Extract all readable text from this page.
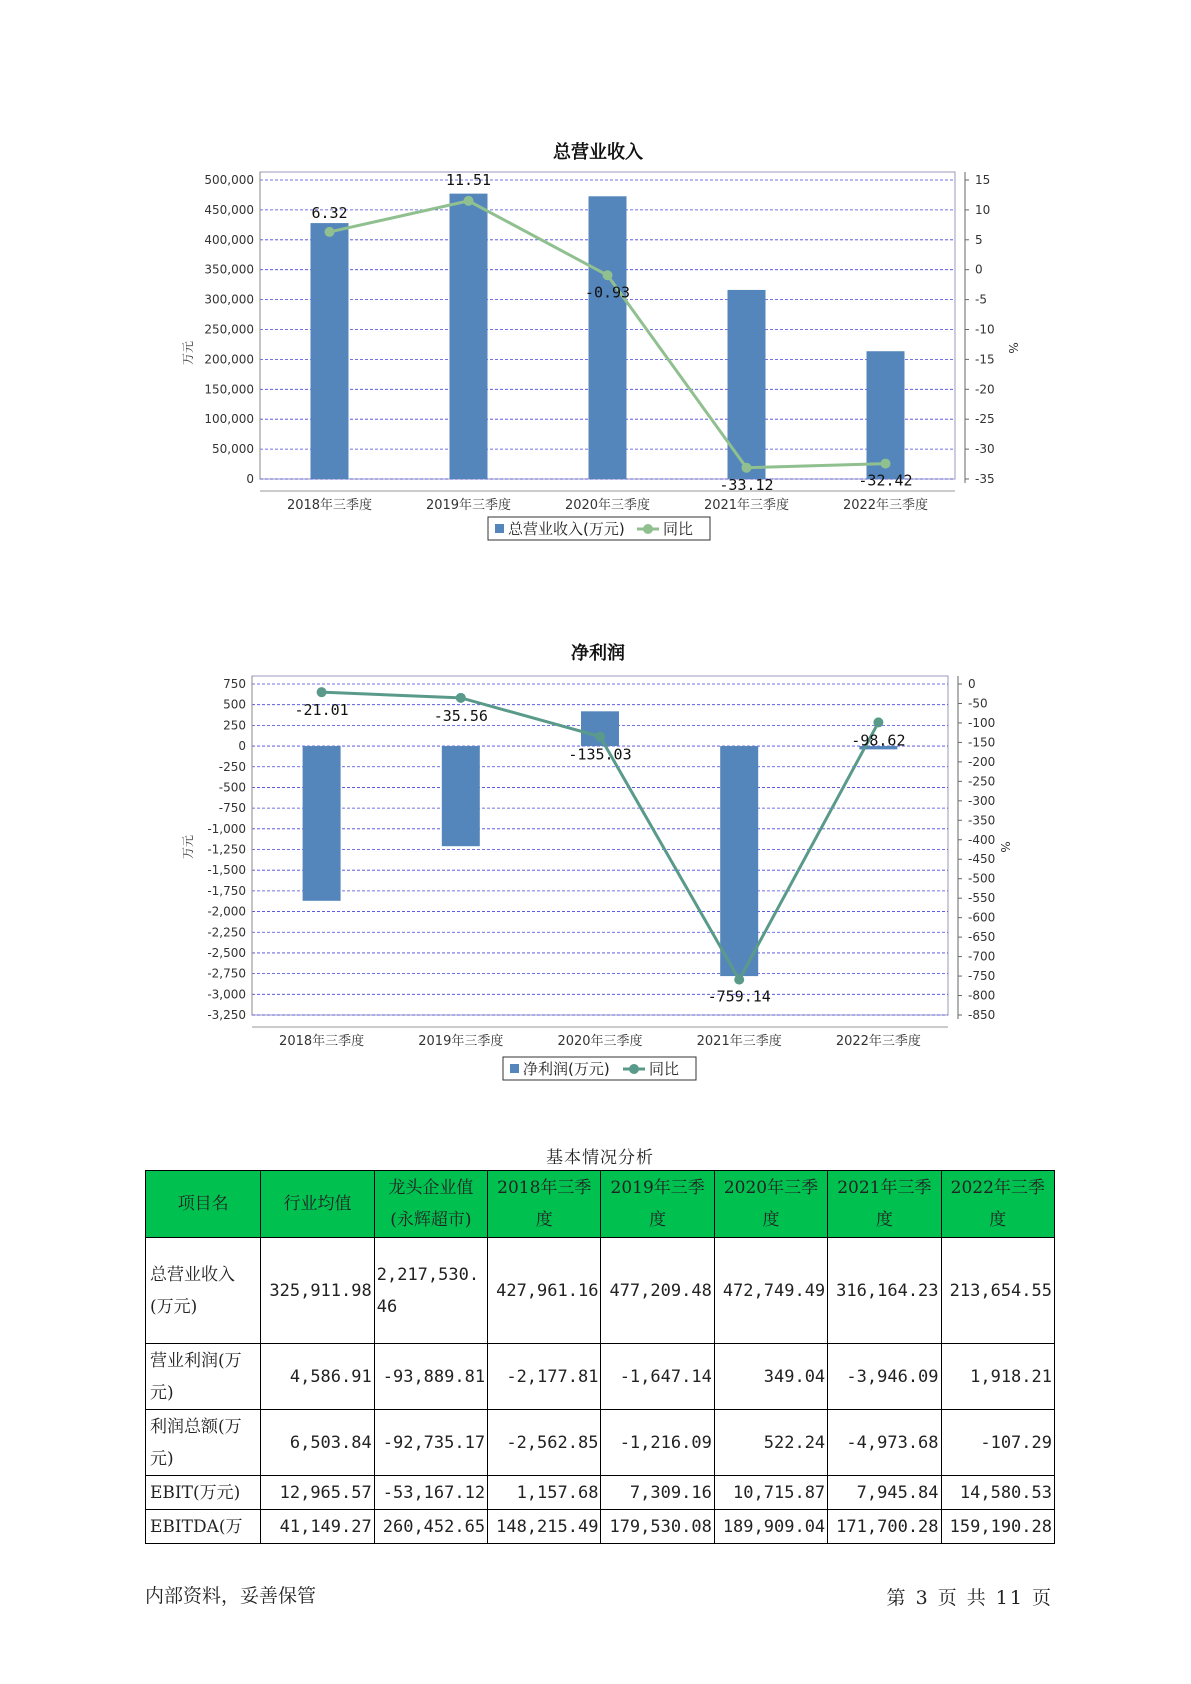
总营业收入
0
50,000
100,000
150,000
200,000
250,000
300,000
350,000
400,000
450,000
500,000
-35
-30
-25
-20
-15
-10
-5
0
5
10
15
2018年三季度	2019年三季度	2020年三季度	2021年三季度	2022年三季度
6.32
11.51
-0.93
-33.12	-32.42
万元	%
总营业收入(万元)	同比
净利润
750
500
250
0
-250
-500
-750
-1,000
-1,250
-1,500
-1,750
-2,000
-2,250
-2,500
-2,750
-3,000
-3,250
0
-50
-100
-150
-200
-250
-300
-350
-400
-450
-500
-550
-600
-650
-700
-750
-800
-850
2018年三季度	2019年三季度	2020年三季度	2021年三季度	2022年三季度
-21.01	-35.56
-135.03
-759.14
-98.62
万元	%
净利润(万元)	同比
基本情况分析
项目名	行业均值	龙头企业值(永辉超市)	2018年三季度	2019年三季度	2020年三季度	2021年三季度	2022年三季度
总营业收入(万元)	325,911.98	2,217,530.46	427,961.16	477,209.48	472,749.49	316,164.23	213,654.55
营业利润(万元)	4,586.91	-93,889.81	-2,177.81	-1,647.14	349.04	-3,946.09	1,918.21
利润总额(万元)	6,503.84	-92,735.17	-2,562.85	-1,216.09	522.24	-4,973.68	-107.29
EBIT(万元)	12,965.57	-53,167.12	1,157.68	7,309.16	10,715.87	7,945.84	14,580.53
EBITDA(万	41,149.27	260,452.65	148,215.49	179,530.08	189,909.04	171,700.28	159,190.28
内部资料，妥善保管	第 3 页 共 11 页
